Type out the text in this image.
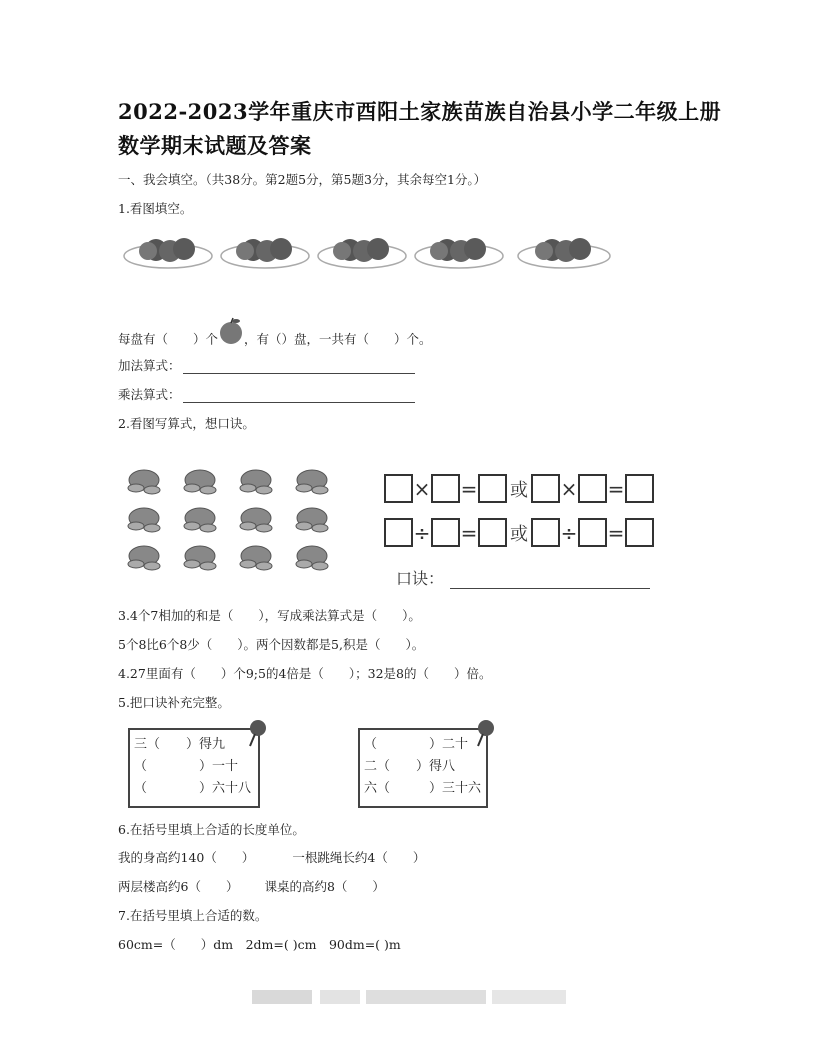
2022-2023学年重庆市酉阳土家族苗族自治县小学二年级上册
数学期末试题及答案
一、我会填空。（共38分。第2题5分，第5题3分，其余每空1分。）
1.看图填空。
每盘有（　　）个 ，有（）盘，一共有（　　）个。
加法算式：
乘法算式：
2.看图写算式，想口诀。
× = 或 × =
÷ = 或 ÷ =
口诀：
3.4个7相加的和是（　　），写成乘法算式是（　　）。
5个8比6个8少（　　）。两个因数都是5,积是（　　）。
4.27里面有（　　）个9;5的4倍是（　　）；32是8的（　　）倍。
5.把口诀补充完整。
三（　　）得九
（　　　　）一十
（　　　　）六十八
（　　　　）二十
二（　　）得八
六（　　　）三十六
6.在括号里填上合适的长度单位。
我的身高约140（　　）	一根跳绳长约4（　　）
两层楼高约6（　　） 课桌的高约8（　　）
7.在括号里填上合适的数。
60cm=（　　）dm　2dm=( )cm　90dm=( )m
